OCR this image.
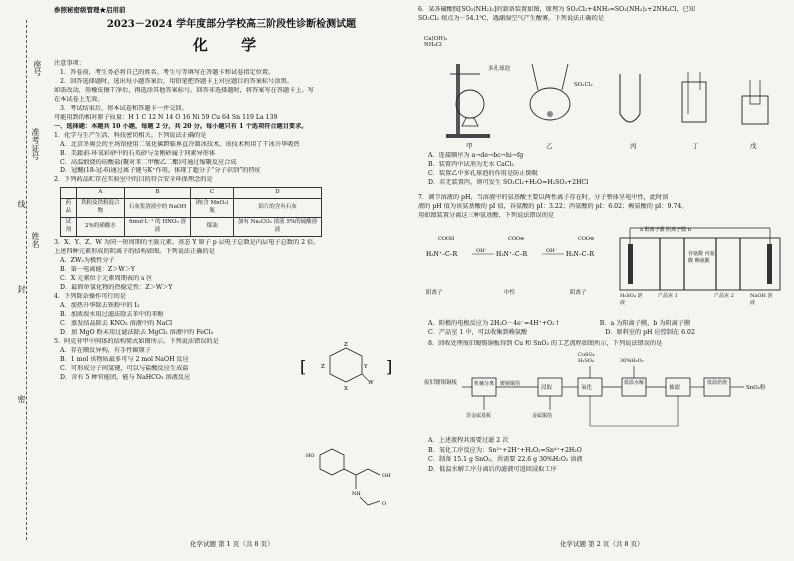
座号
准考证号
姓名
线
封
密
参照秘密级管理★启用前
2023－2024 学年度部分学校高三阶段性诊断检测试题
化 学
注意事项：
1．答卷前，考生务必将自己的姓名、考生号等填写在答题卡和试卷指定位置。
2．回答选择题时，选出每小题答案后，用铅笔把答题卡上对应题目的答案标号涂黑。
如需改动，用橡皮擦干净后，再选涂其他答案标号。回答非选择题时，将答案写在答题卡上。写
在本试卷上无效。
3．考试结束后，将本试卷和答题卡一并交回。
可能用到的相对原子质量：H 1 C 12 N 14 O 16 Ni 59 Cu 64 Sn 119 La 139
一、选择题：本题共 10 小题，每题 2 分，共 20 分。每小题只有 1 个选项符合题目要求。
1．化学与生产生活、科技密切相关。下列说法正确的是
A．北京冬奥会的主场馆使用二氧化碳跨临界直冷制冰技术，该技术利用了干冰升华吸热
B．美籍前-环氧彩砂中的石英砂与金刚砂属于同素异形体
C．高温煅烧的硅酸盐(聚对苯二甲酸乙二酯)可通过缩聚反应合成
D．冠醚(18-冠-6)通过离子键与K⁺作用，体现了超分子“分子识别”的特征
2．下列药品贮存在实验室中的目的符合安全环保理念的是
	A	B	C	D
药品	铁粉及铁粉混合物	石灰浆溶液中的 NaOH	钠(含 MnO₂)瓶	铝片的含有石灰
试剂	2%的硝酸水	6mol·L⁻¹ 的 HNO₃ 溶液	煤油	加有 Na₂CO₃ 溶液 5%的硫酸溶液
3．X、Y、Z、W 为同一短周期的主族元素，基态 Y 原子 p 层电子总数是内层电子总数的 2 倍，
上述四种元素形成的阴离子的结构如图。下列说法正确的是
A．ZW₂为极性分子
B．第一电离能：Z＞W＞Y
C．X 元素位于元素周期表的 s 区
D．最简单氢化物的热稳定性：Z＞W＞Y
4．下列除杂操作可行的是
A．加热升华除去铁粉中的 I₂
B．加浓溴水用过滤法除去苯中的苯酚
C．蒸发结晶除去 KNO₃ 溶液中的 NaCl
D．加 MgO 粉末用过滤法除去 MgCl₂ 溶液中的 FeCl₃
5．阿克苷甲中间体的结构简式如图所示。下列说法错误的是
A．存在顺反异构，有手性碳原子
B．1 mol 该物质最多可与 2 mol NaOH 反应
C．可形成分子间氢键，可以与盐酸反应生成盐
D．含有 5 种官能团，能与 NaHCO₃ 溶液反应
[	]
Z
Z	Y
X
W
HO
OH
NH
O
化学试题 第 1 页（共 8 页）
6．某各磺酸胺[SO₂(NH₂)₂]的制备装置如图，原理为 SO₂Cl₂+4NH₃=SO₂(NH₂)₂+2NH₄Cl，已知
SO₂Cl₂ 熔点为－54.1℃，遇潮湿空气产生酸雾。下列说法正确的是
Ca(OH)₂ NH₄Cl
多孔球泡
SO₂Cl₂
甲	乙	丙	丁	戊
A．连接顺序为 a→de→bc→hi→fg
B．装置丙中试剂为无水 CaCl₂
C．装置乙中多孔球泡的作用是防止倒吸
D．若无装置丙，则可发生 SO₂Cl₂+H₂O=H₂SO₃+2HCl
7．调节溶液的 pH，当溶液中的氨基酸主要以两性离子存在时，分子整体呈电中性，此时溶
液的 pH 值为该氨基酸的 pI 值，谷氨酸的 pI：3.22；丙氨酸的 pI：6.02；赖氨酸的 pI：9.74。
用如图装置分离这三种氨基酸，下列说法错误的是
H₃N⁺–C–R
COOH
OH⁻ H₃N⁺–C–R
COO⊖
OH⁻ H₂N–C–R
COO⊖
阳离子	中性	阴离子
a 阳离子膜 阴离子膜 b
谷氨酸 丙氨酸 赖氨酸
H₂SO₄ 溶液
产品室 1	产品室 2	NaOH 溶液
A．阳极的电极反应为 2H₂O－4e⁻=4H⁺+O₂↑	B．a 为阳离子膜，b 为阴离子膜
C．产品室 1 中，可以收集到赖氨酸	D．原料室的 pH 应控制在 6.02
8．回收处理废旧镀锡铜板得到 Cu 和 SnO₂ 的工艺流程如图所示，下列说法错误的是
废旧镀锡铜板	机械分离	镀锡铜箔
浸取	氧化
低温水解
抽滤
低温焙烧
SnO₂粉
非金属基板	金属铜箔
CuSO₄ H₂SO₄	30%H₂O₂
A．上述流程共需要过滤 2 次
B．氧化工序反应为：Sn²⁺+2H⁺+H₂O₂=Sn⁴⁺+2H₂O
C．制备 15.1 g SnO₂，共需要 22.6 g 30%H₂O₂ 溶液
D．低温水解工序分离后的滤液可返回浸取工序
化学试题 第 2 页（共 8 页）
